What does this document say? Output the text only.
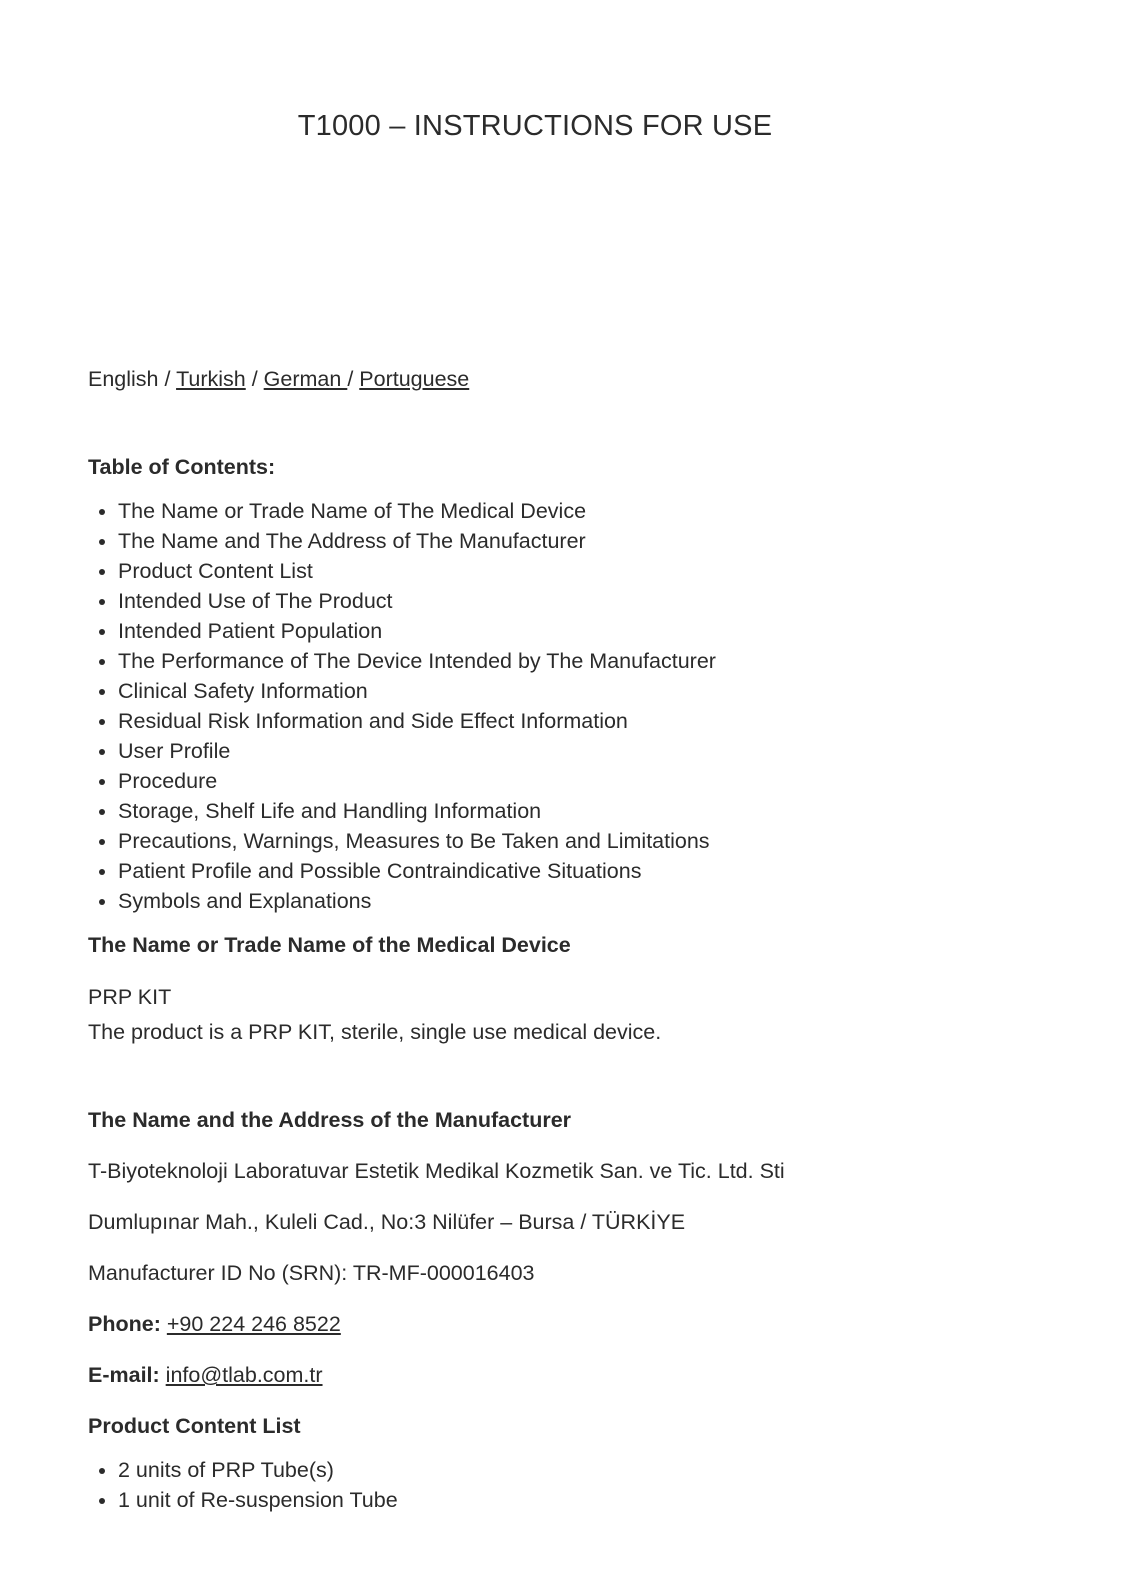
T1000 – INSTRUCTIONS FOR USE

English / Turkish / German / Portuguese

Table of Contents:

• The Name or Trade Name of The Medical Device
• The Name and The Address of The Manufacturer
• Product Content List
• Intended Use of The Product
• Intended Patient Population
• The Performance of The Device Intended by The Manufacturer
• Clinical Safety Information
• Residual Risk Information and Side Effect Information
• User Profile
• Procedure
• Storage, Shelf Life and Handling Information
• Precautions, Warnings, Measures to Be Taken and Limitations
• Patient Profile and Possible Contraindicative Situations
• Symbols and Explanations

The Name or Trade Name of the Medical Device

PRP KIT

The product is a PRP KIT, sterile, single use medical device.

The Name and the Address of the Manufacturer

T-Biyoteknoloji Laboratuvar Estetik Medikal Kozmetik San. ve Tic. Ltd. Sti

Dumlupınar Mah., Kuleli Cad., No:3 Nilüfer – Bursa / TÜRKİYE

Manufacturer ID No (SRN): TR-MF-000016403

Phone: +90 224 246 8522

E-mail: info@tlab.com.tr

Product Content List

• 2 units of PRP Tube(s)
• 1 unit of Re-suspension Tube
